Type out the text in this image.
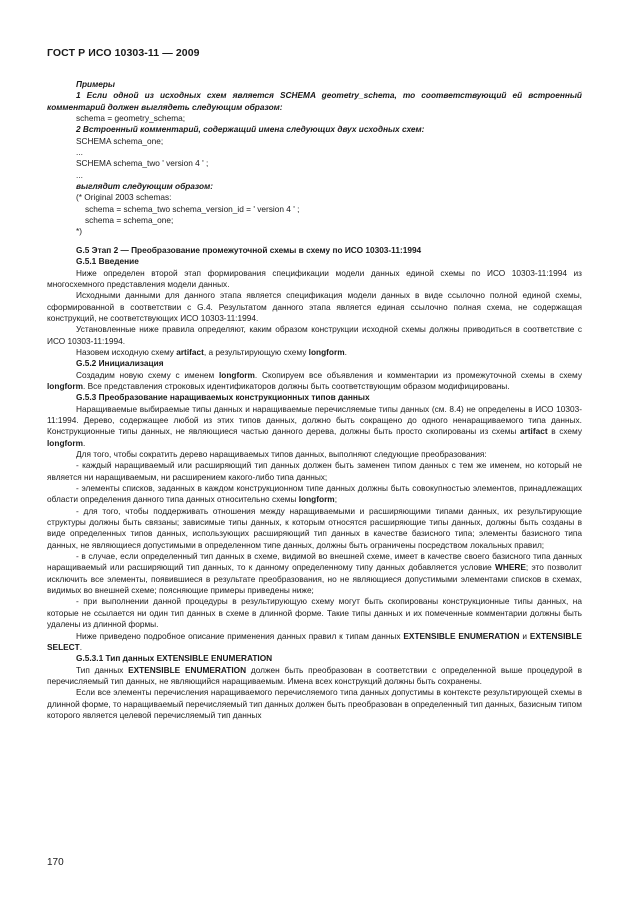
ГОСТ Р ИСО 10303-11 — 2009

Примеры

1 Если одной из исходных схем является SCHEMA geometry_schema, то соответствующий ей встроенный комментарий должен выглядеть следующим образом:

schema = geometry_schema;

2 Встроенный комментарий, содержащий имена следующих двух исходных схем:

SCHEMA schema_one;

...

SCHEMA schema_two ' version 4 ' ;

...

выглядит следующим образом:

(* Original 2003 schemas:

schema = schema_two schema_version_id = ' version 4 ' ;

schema = schema_one;

*)

G.5 Этап 2 — Преобразование промежуточной схемы в схему по ИСО 10303-11:1994

G.5.1 Введение

Ниже определен второй этап формирования спецификации модели данных единой схемы по ИСО 10303-11:1994 из многосхемного представления модели данных.

Исходными данными для данного этапа является спецификация модели данных в виде ссылочно полной единой схемы, сформированной в соответствии с G.4. Результатом данного этапа является единая ссылочно полная схема, не содержащая конструкций, не соответствующих ИСО 10303-11:1994.

Установленные ниже правила определяют, каким образом конструкции исходной схемы должны приводиться в соответствие с ИСО 10303-11:1994.

Назовем исходную схему artifact, а результирующую схему longform.

G.5.2 Инициализация

Создадим новую схему с именем longform. Скопируем все объявления и комментарии из промежуточной схемы в схему longform. Все представления строковых идентификаторов должны быть соответствующим образом модифицированы.

G.5.3 Преобразование наращиваемых конструкционных типов данных

Наращиваемые выбираемые типы данных и наращиваемые перечисляемые типы данных (см. 8.4) не определены в ИСО 10303-11:1994. Дерево, содержащее любой из этих типов данных, должно быть сокращено до одного ненаращиваемого типа данных. Конструкционные типы данных, не являющиеся частью данного дерева, должны быть просто скопированы из схемы artifact в схему longform.

Для того, чтобы сократить дерево наращиваемых типов данных, выполняют следующие преобразования:

- каждый наращиваемый или расширяющий тип данных должен быть заменен типом данных с тем же именем, но который не является ни наращиваемым, ни расширением какого-либо типа данных;

- элементы списков, заданных в каждом конструкционном типе данных должны быть совокупностью элементов, принадлежащих области определения данного типа данных относительно схемы longform;

- для того, чтобы поддерживать отношения между наращиваемыми и расширяющими типами данных, их результирующие структуры должны быть связаны; зависимые типы данных, к которым относятся расширяющие типы данных, должны быть созданы в виде определенных типов данных, использующих расширяющий тип данных в качестве базисного типа; элементы базисного типа данных, не являющиеся допустимыми в определенном типе данных, должны быть ограничены посредством локальных правил;

- в случае, если определенный тип данных в схеме, видимой во внешней схеме, имеет в качестве своего базисного типа данных наращиваемый или расширяющий тип данных, то к данному определенному типу данных добавляется условие WHERE; это позволит исключить все элементы, появившиеся в результате преобразования, но не являющиеся допустимыми элементами списков в схемах, видимых во внешней схеме; поясняющие примеры приведены ниже;

- при выполнении данной процедуры в результирующую схему могут быть скопированы конструкционные типы данных, на которые не ссылается ни один тип данных в схеме в длинной форме. Такие типы данных и их помеченные комментарии должны быть удалены из длинной формы.

Ниже приведено подробное описание применения данных правил к типам данных EXTENSIBLE ENUMERATION и EXTENSIBLE SELECT.

G.5.3.1 Тип данных EXTENSIBLE ENUMERATION

Тип данных EXTENSIBLE ENUMERATION должен быть преобразован в соответствии с определенной выше процедурой в перечисляемый тип данных, не являющийся наращиваемым. Имена всех конструкций должны быть сохранены.

Если все элементы перечисления наращиваемого перечисляемого типа данных допустимы в контексте результирующей схемы в длинной форме, то наращиваемый перечисляемый тип данных должен быть преобразован в определенный тип данных, базисным типом которого является целевой перечисляемый тип данных

170
